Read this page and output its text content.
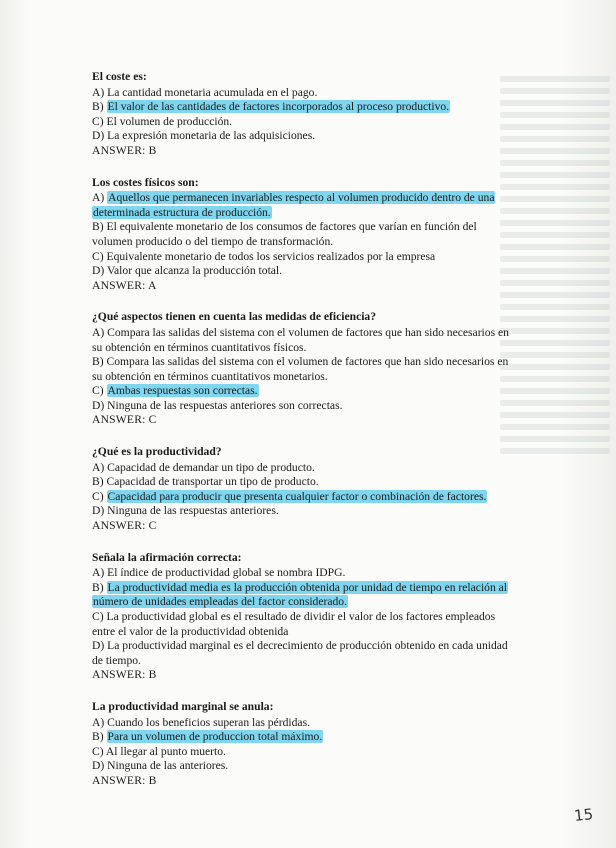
El coste es:
A) La cantidad monetaria acumulada en el pago.
B) El valor de las cantidades de factores incorporados al proceso productivo.
C) El volumen de producción.
D) La expresión monetaria de las adquisiciones.
ANSWER: B
Los costes físicos son:
A) Aquellos que permanecen invariables respecto al volumen producido dentro de una determinada estructura de producción.
B) El equivalente monetario de los consumos de factores que varían en función del volumen producido o del tiempo de transformación.
C) Equivalente monetario de todos los servicios realizados por la empresa
D) Valor que alcanza la producción total.
ANSWER: A
¿Qué aspectos tienen en cuenta las medidas de eficiencia?
A) Compara las salidas del sistema con el volumen de factores que han sido necesarios en su obtención en términos cuantitativos físicos.
B) Compara las salidas del sistema con el volumen de factores que han sido necesarios en su obtención en términos cuantitativos monetarios.
C) Ambas respuestas son correctas.
D) Ninguna de las respuestas anteriores son correctas.
ANSWER: C
¿Qué es la productividad?
A) Capacidad de demandar un tipo de producto.
B) Capacidad de transportar un tipo de producto.
C) Capacidad para producir que presenta cualquier factor o combinación de factores.
D) Ninguna de las respuestas anteriores.
ANSWER: C
Señala la afirmación correcta:
A) El índice de productividad global se nombra IDPG.
B) La productividad media es la producción obtenida por unidad de tiempo en relación al número de unidades empleadas del factor considerado.
C) La productividad global es el resultado de dividir el valor de los factores empleados entre el valor de la productividad obtenida
D) La productividad marginal es el decrecimiento de producción obtenido en cada unidad de tiempo.
ANSWER: B
La productividad marginal se anula:
A) Cuando los beneficios superan las pérdidas.
B) Para un volumen de produccion total máximo.
C) Al llegar al punto muerto.
D) Ninguna de las anteriores.
ANSWER: B
15
